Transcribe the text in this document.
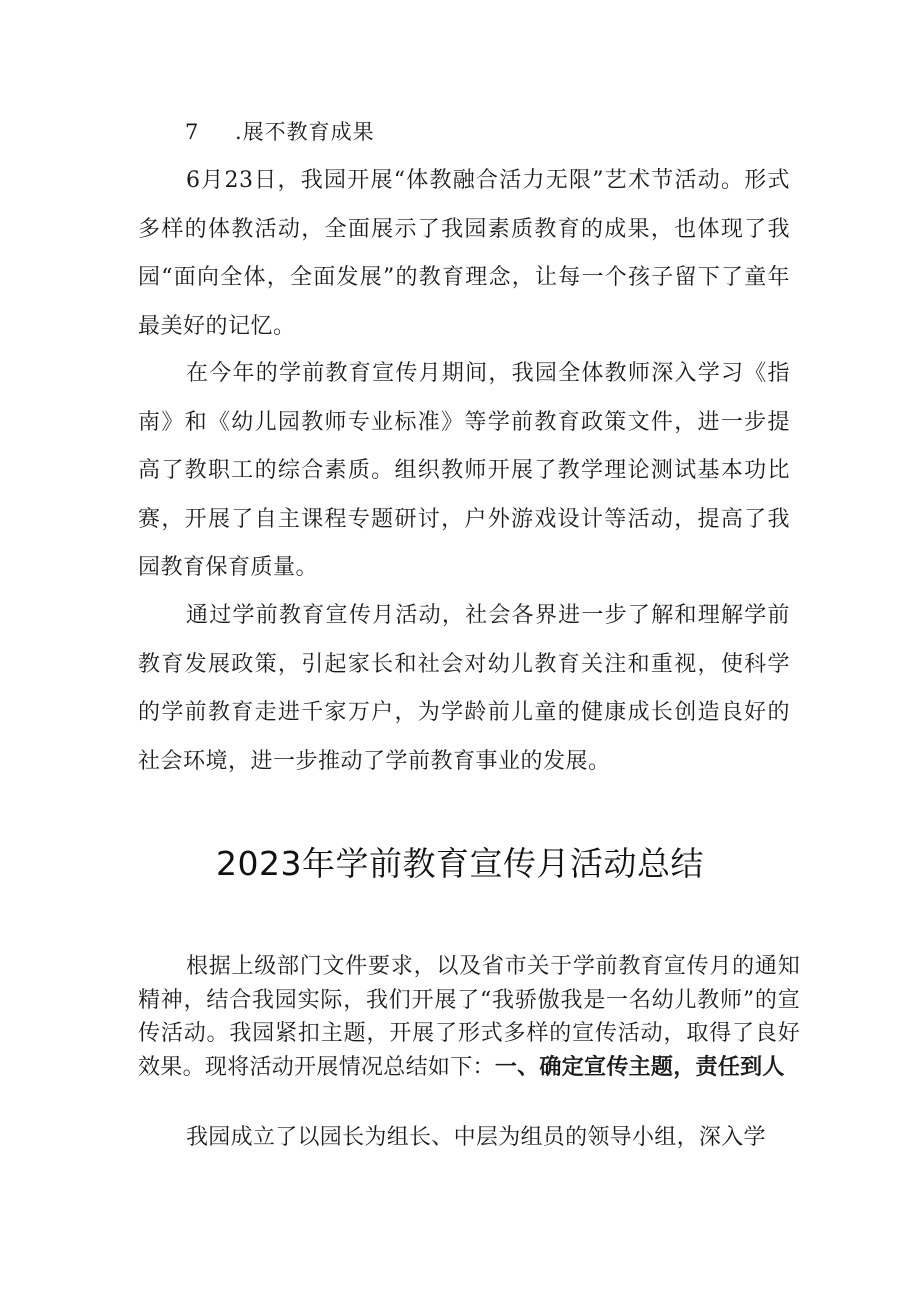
7 .展不教育成果

6月23日，我园开展“体教融合活力无限”艺术节活动。形式多样的体教活动，全面展示了我园素质教育的成果，也体现了我园“面向全体，全面发展”的教育理念，让每一个孩子留下了童年最美好的记忆。

在今年的学前教育宣传月期间，我园全体教师深入学习《指南》和《幼儿园教师专业标准》等学前教育政策文件，进一步提高了教职工的综合素质。组织教师开展了教学理论测试基本功比赛，开展了自主课程专题研讨，户外游戏设计等活动，提高了我园教育保育质量。

通过学前教育宣传月活动，社会各界进一步了解和理解学前教育发展政策，引起家长和社会对幼儿教育关注和重视，使科学的学前教育走进千家万户，为学龄前儿童的健康成长创造良好的社会环境，进一步推动了学前教育事业的发展。

2023年学前教育宣传月活动总结

根据上级部门文件要求，以及省市关于学前教育宣传月的通知精神，结合我园实际，我们开展了“我骄傲我是一名幼儿教师”的宣传活动。我园紧扣主题，开展了形式多样的宣传活动，取得了良好效果。现将活动开展情况总结如下：一、确定宣传主题，责任到人

我园成立了以园长为组长、中层为组员的领导小组，深入学
